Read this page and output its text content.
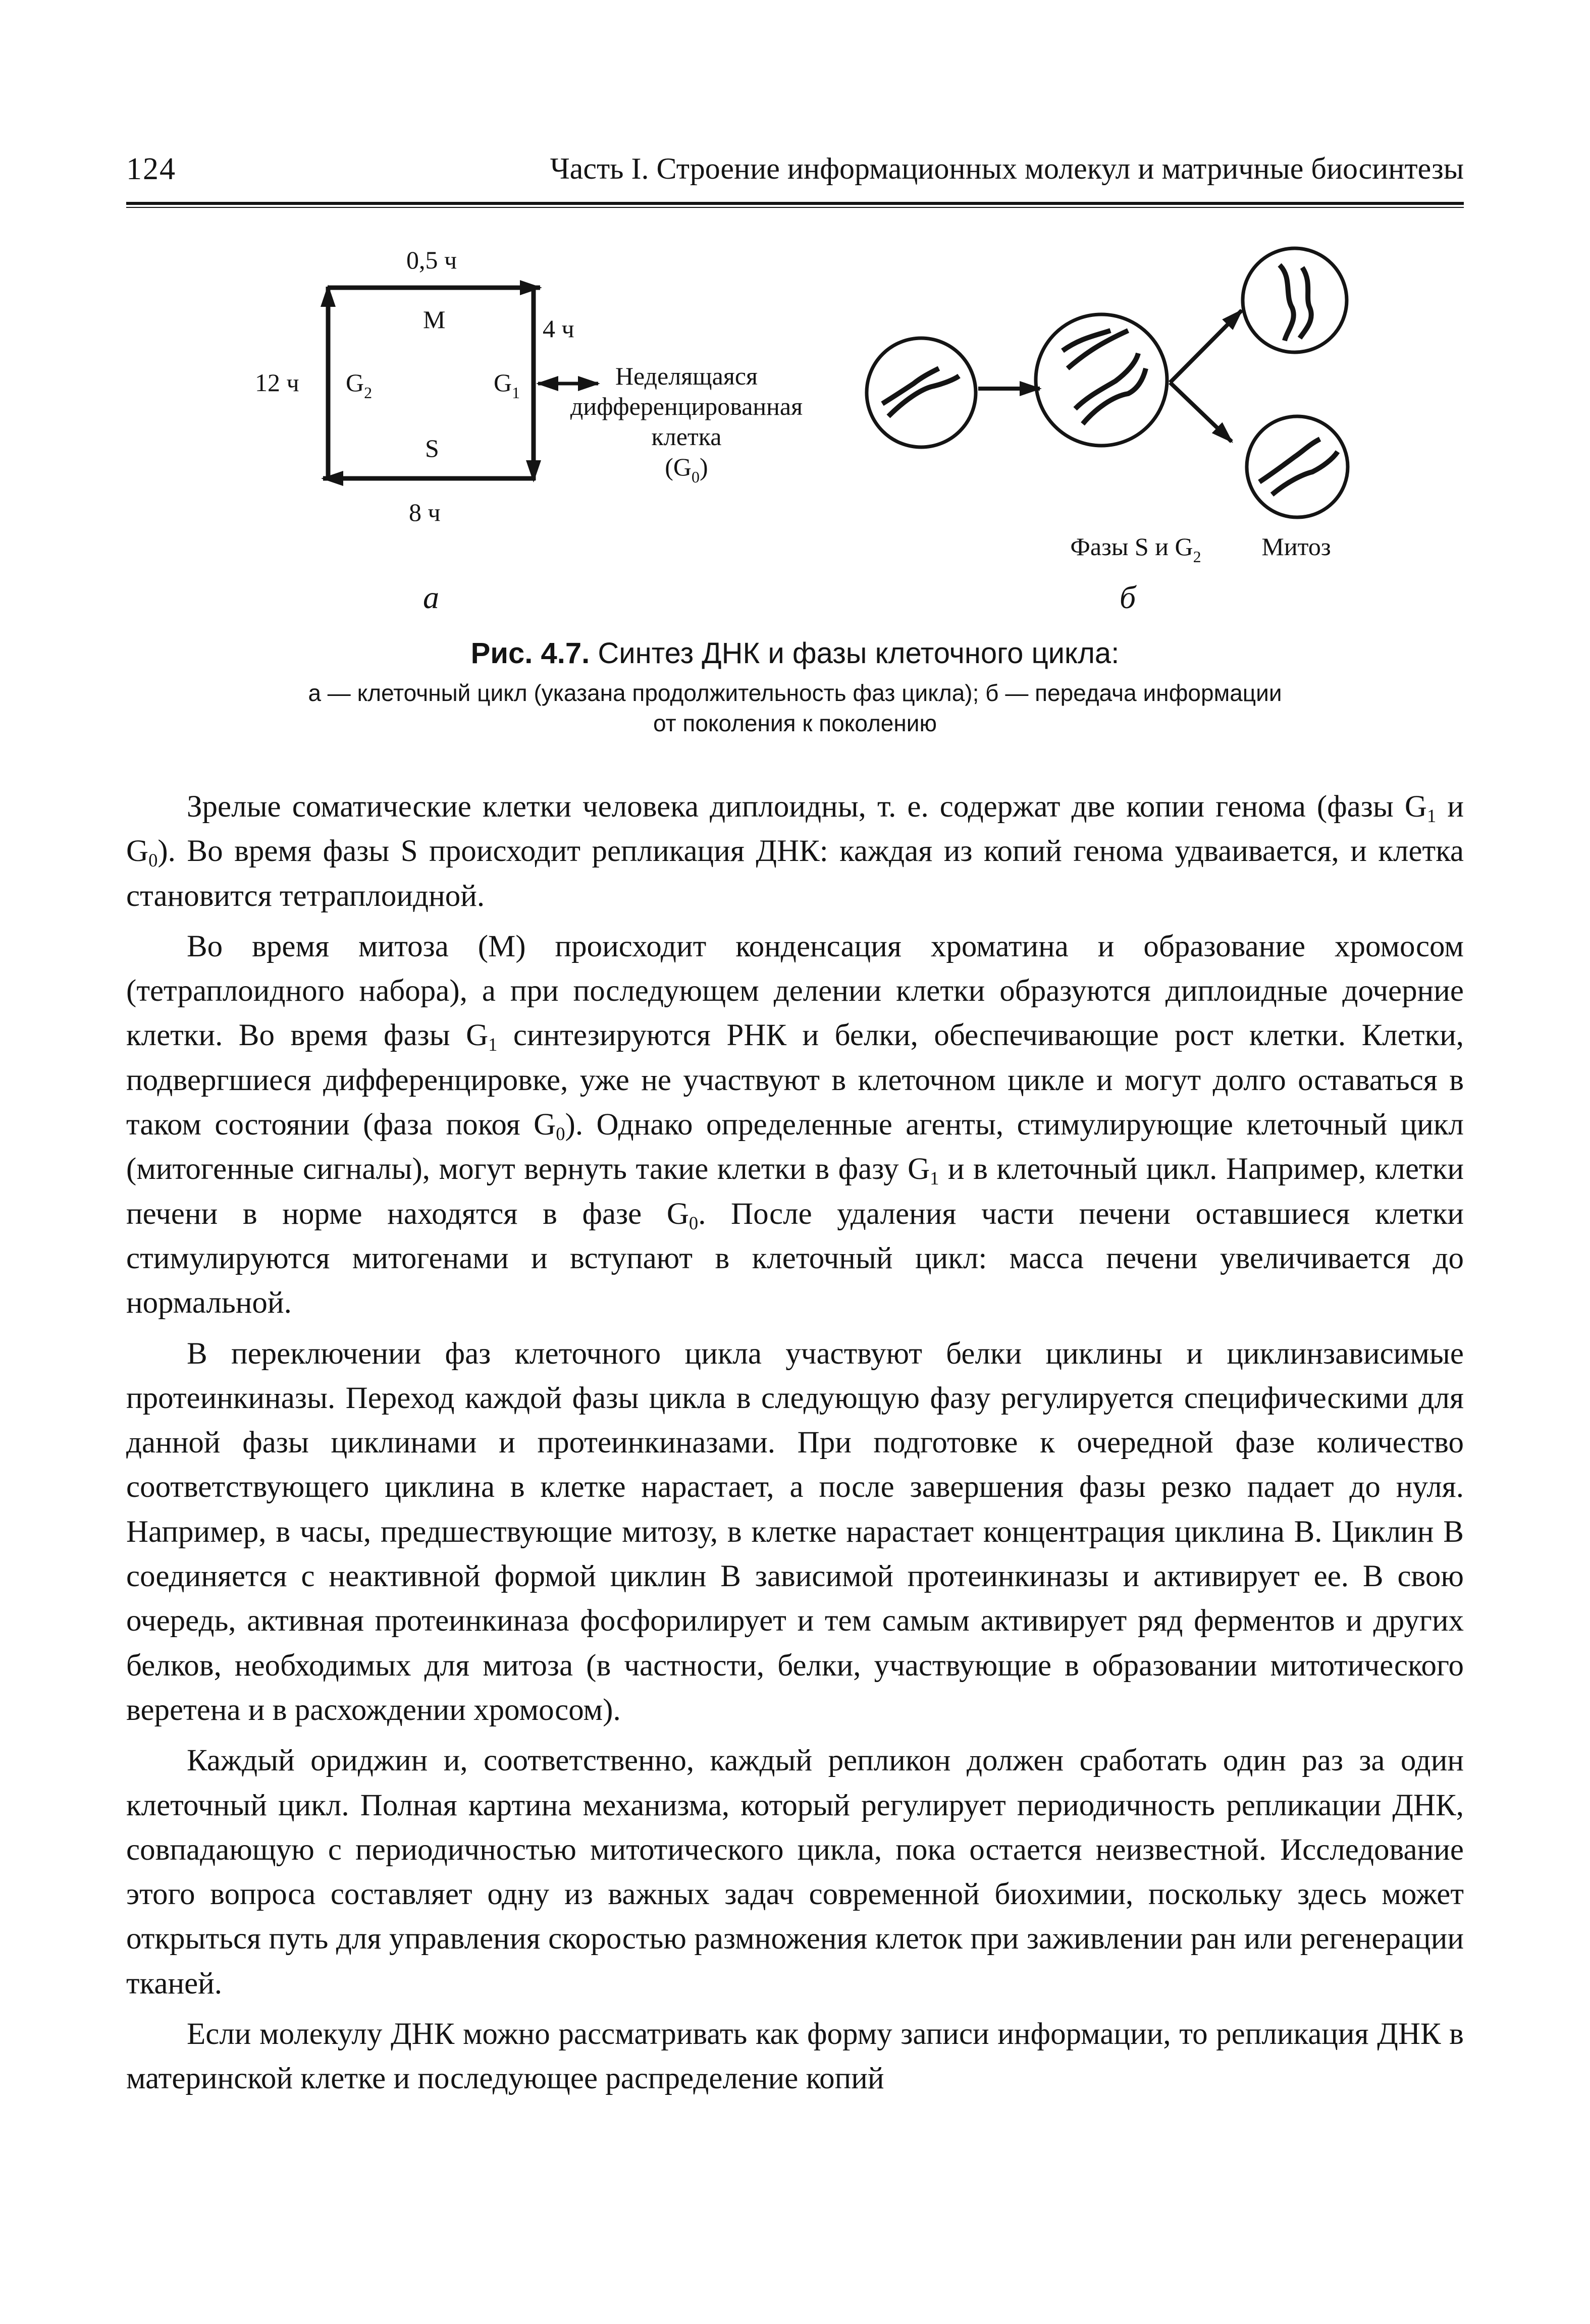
124	Часть I. Строение информационных молекул и матричные биосинтезы
0,5 ч
12 ч
4 ч
8 ч
M
S
$G_2$	$G_1$
Неделящаяся
дифференцированная
клетка
$(G_0)$
а
Фазы S и $G_2$ Митоз
б
Рис. 4.7. Синтез ДНК и фазы клеточного цикла:
а — клеточный цикл (указана продолжительность фаз цикла); б — передача информации
от поколения к поколению

Зрелые соматические клетки человека диплоидны, т. е. содержат две копии генома (фазы $G_1$ и $G_0$). Во время фазы S происходит репликация ДНК: каждая из копий генома удваивается, и клетка становится тетраплоидной.

Во время митоза (M) происходит конденсация хроматина и образование хромосом (тетраплоидного набора), а при последующем делении клетки образуются диплоидные дочерние клетки. Во время фазы $G_1$ синтезируются РНК и белки, обеспечивающие рост клетки. Клетки, подвергшиеся дифференцировке, уже не участвуют в клеточном цикле и могут долго оставаться в таком состоянии (фаза покоя $G_0$). Однако определенные агенты, стимулирующие клеточный цикл (митогенные сигналы), могут вернуть такие клетки в фазу $G_1$ и в клеточный цикл. Например, клетки печени в норме находятся в фазе $G_0$. После удаления части печени оставшиеся клетки стимулируются митогенами и вступают в клеточный цикл: масса печени увеличивается до нормальной.

В переключении фаз клеточного цикла участвуют белки циклины и циклинзависимые протеинкиназы. Переход каждой фазы цикла в следующую фазу регулируется специфическими для данной фазы циклинами и протеинкиназами. При подготовке к очередной фазе количество соответствующего циклина в клетке нарастает, а после завершения фазы резко падает до нуля. Например, в часы, предшествующие митозу, в клетке нарастает концентрация циклина B. Циклин B соединяется с неактивной формой циклин B зависимой протеинкиназы и активирует ее. В свою очередь, активная протеинкиназа фосфорилирует и тем самым активирует ряд ферментов и других белков, необходимых для митоза (в частности, белки, участвующие в образовании митотического веретена и в расхождении хромосом).

Каждый ориджин и, соответственно, каждый репликон должен сработать один раз за один клеточный цикл. Полная картина механизма, который регулирует периодичность репликации ДНК, совпадающую с периодичностью митотического цикла, пока остается неизвестной. Исследование этого вопроса составляет одну из важных задач современной биохимии, поскольку здесь может открыться путь для управления скоростью размножения клеток при заживлении ран или регенерации тканей.

Если молекулу ДНК можно рассматривать как форму записи информации, то репликация ДНК в материнской клетке и последующее распределение копий
